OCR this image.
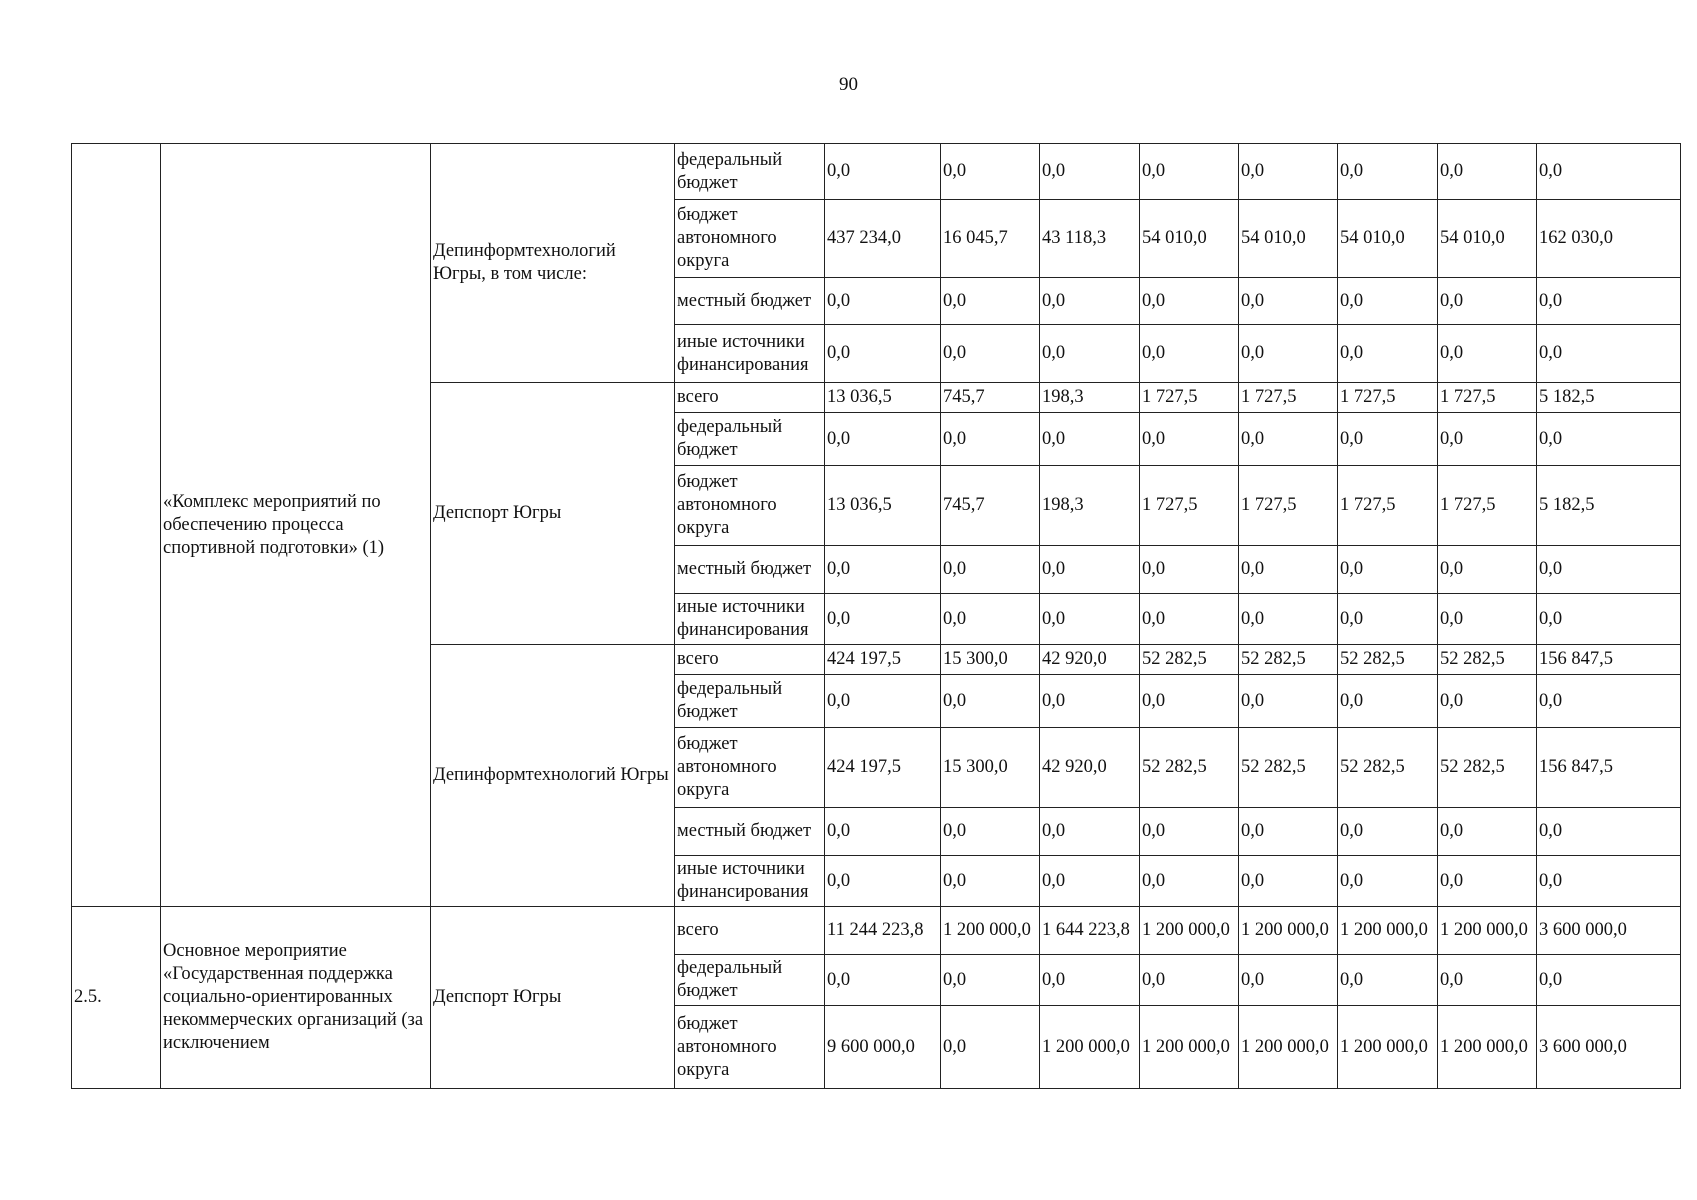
90
	«Комплекс мероприятий по обеспечению процесса спортивной подготовки» (1)	Депинформтехнологий Югры, в том числе:	федеральный бюджет	0,0	0,0	0,0	0,0	0,0	0,0	0,0	0,0
			бюджет автономного округа	437 234,0	16 045,7	43 118,3	54 010,0	54 010,0	54 010,0	54 010,0	162 030,0
			местный бюджет	0,0	0,0	0,0	0,0	0,0	0,0	0,0	0,0
			иные источники финансирования	0,0	0,0	0,0	0,0	0,0	0,0	0,0	0,0
		Депспорт Югры	всего	13 036,5	745,7	198,3	1 727,5	1 727,5	1 727,5	1 727,5	5 182,5
			федеральный бюджет	0,0	0,0	0,0	0,0	0,0	0,0	0,0	0,0
			бюджет автономного округа	13 036,5	745,7	198,3	1 727,5	1 727,5	1 727,5	1 727,5	5 182,5
			местный бюджет	0,0	0,0	0,0	0,0	0,0	0,0	0,0	0,0
			иные источники финансирования	0,0	0,0	0,0	0,0	0,0	0,0	0,0	0,0
		Депинформтехнологий Югры	всего	424 197,5	15 300,0	42 920,0	52 282,5	52 282,5	52 282,5	52 282,5	156 847,5
			федеральный бюджет	0,0	0,0	0,0	0,0	0,0	0,0	0,0	0,0
			бюджет автономного округа	424 197,5	15 300,0	42 920,0	52 282,5	52 282,5	52 282,5	52 282,5	156 847,5
			местный бюджет	0,0	0,0	0,0	0,0	0,0	0,0	0,0	0,0
			иные источники финансирования	0,0	0,0	0,0	0,0	0,0	0,0	0,0	0,0
2.5.	Основное мероприятие «Государственная поддержка социально-ориентированных некоммерческих организаций (за исключением	Депспорт Югры	всего	11 244 223,8	1 200 000,0	1 644 223,8	1 200 000,0	1 200 000,0	1 200 000,0	1 200 000,0	3 600 000,0
			федеральный бюджет	0,0	0,0	0,0	0,0	0,0	0,0	0,0	0,0
			бюджет автономного округа	9 600 000,0	0,0	1 200 000,0	1 200 000,0	1 200 000,0	1 200 000,0	1 200 000,0	3 600 000,0
